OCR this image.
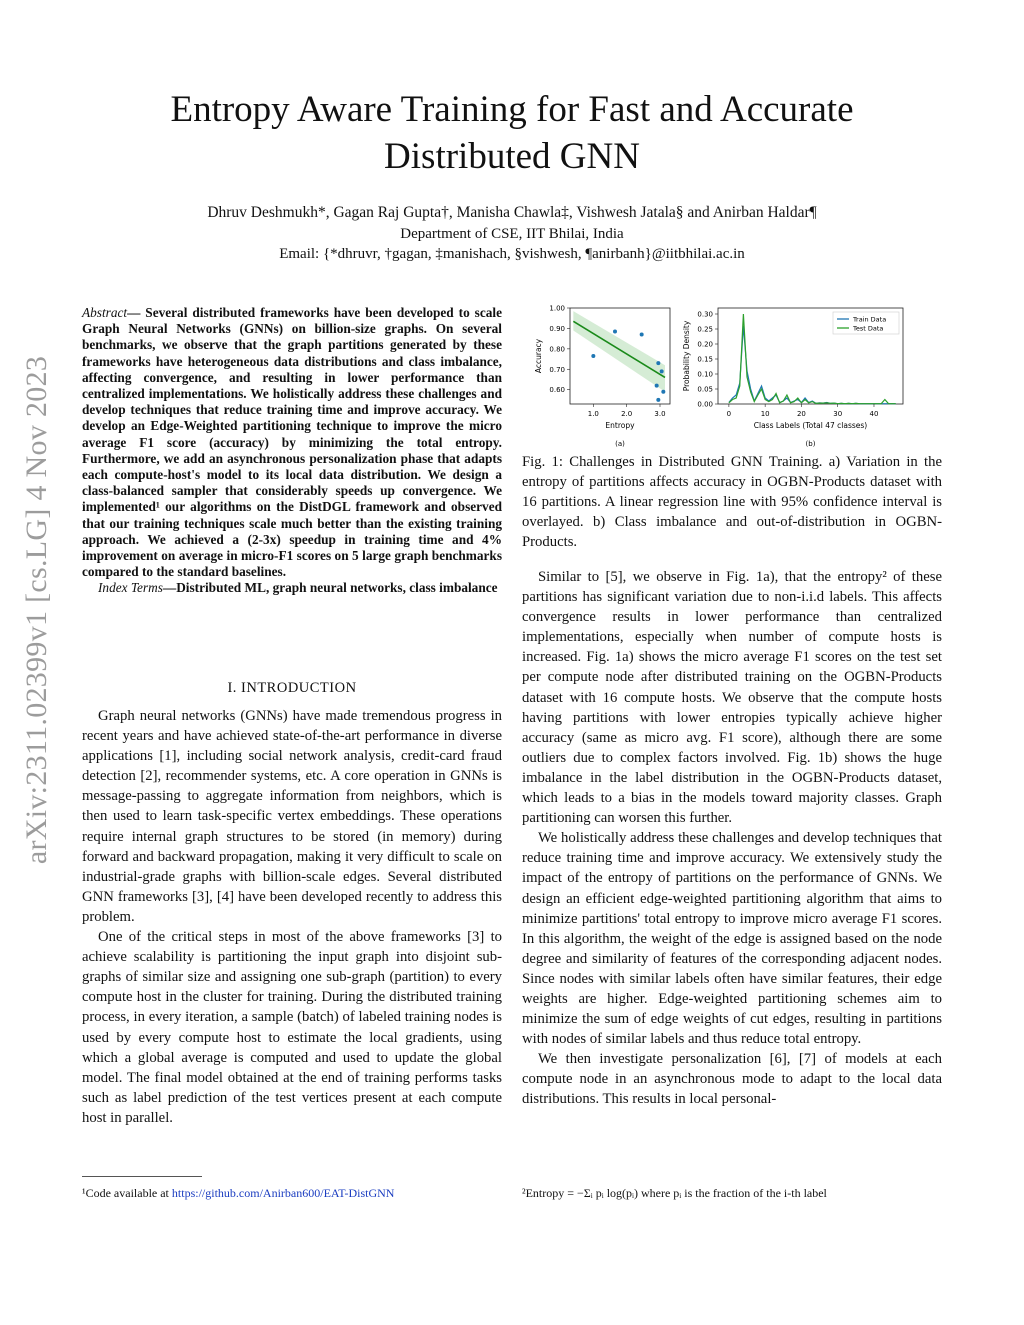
arXiv:2311.02399v1 [cs.LG] 4 Nov 2023
Entropy Aware Training for Fast and Accurate
Distributed GNN
Dhruv Deshmukh*, Gagan Raj Gupta†, Manisha Chawla‡, Vishwesh Jatala§ and Anirban Haldar¶
Department of CSE, IIT Bhilai, India
Email: {*dhruvr, †gagan, ‡manishach, §vishwesh, ¶anirbanh}@iitbhilai.ac.in

Abstract— Several distributed frameworks have been developed to scale Graph Neural Networks (GNNs) on billion-size graphs. On several benchmarks, we observe that the graph partitions generated by these frameworks have heterogeneous data distributions and class imbalance, affecting convergence, and resulting in lower performance than centralized implementations. We holistically address these challenges and develop techniques that reduce training time and improve accuracy. We develop an Edge-Weighted partitioning technique to improve the micro average F1 score (accuracy) by minimizing the total entropy. Furthermore, we add an asynchronous personalization phase that adapts each compute-host's model to its local data distribution. We design a class-balanced sampler that considerably speeds up convergence. We implemented¹ our algorithms on the DistDGL framework and observed that our training techniques scale much better than the existing training approach. We achieved a (2-3x) speedup in training time and 4% improvement on average in micro-F1 scores on 5 large graph benchmarks compared to the standard baselines.

Index Terms—Distributed ML, graph neural networks, class imbalance

I. INTRODUCTION

Graph neural networks (GNNs) have made tremendous progress in recent years and have achieved state-of-the-art performance in diverse applications [1], including social network analysis, credit-card fraud detection [2], recommender systems, etc. A core operation in GNNs is message-passing to aggregate information from neighbors, which is then used to learn task-specific vertex embeddings. These operations require internal graph structures to be stored (in memory) during forward and backward propagation, making it very difficult to scale on industrial-grade graphs with billion-scale edges. Several distributed GNN frameworks [3], [4] have been developed recently to address this problem.

One of the critical steps in most of the above frameworks [3] to achieve scalability is partitioning the input graph into disjoint sub-graphs of similar size and assigning one sub-graph (partition) to every compute host in the cluster for training. During the distributed training process, in every iteration, a sample (batch) of labeled training nodes is used by every compute host to estimate the local gradients, using which a global average is computed and used to update the global model. The final model obtained at the end of training performs tasks such as label prediction of the test vertices present at each compute host in parallel.

0.60
0.70
0.80
0.90
1.00
1.0	2.0	3.0
Entropy
Accuracy
(a)
0.00
0.05
0.10
0.15
0.20
0.25
0.30
0	10	20	30	40
Class Labels (Total 47 classes)
Probability Density
Train Data
Test Data
(b)
Fig. 1: Challenges in Distributed GNN Training. a) Variation in the entropy of partitions affects accuracy in OGBN-Products dataset with 16 partitions. A linear regression line with 95% confidence interval is overlayed. b) Class imbalance and out-of-distribution in OGBN-Products.

Similar to [5], we observe in Fig. 1a), that the entropy² of these partitions has significant variation due to non-i.i.d labels. This affects convergence results in lower performance than centralized implementations, especially when number of compute hosts is increased. Fig. 1a) shows the micro average F1 scores on the test set per compute node after distributed training on the OGBN-Products dataset with 16 compute hosts. We observe that the compute hosts having partitions with lower entropies typically achieve higher accuracy (same as micro avg. F1 score), although there are some outliers due to complex factors involved. Fig. 1b) shows the huge imbalance in the label distribution in the OGBN-Products dataset, which leads to a bias in the models toward majority classes. Graph partitioning can worsen this further.

We holistically address these challenges and develop techniques that reduce training time and improve accuracy. We extensively study the impact of the entropy of partitions on the performance of GNNs. We design an efficient edge-weighted partitioning algorithm that aims to minimize partitions' total entropy to improve micro average F1 scores. In this algorithm, the weight of the edge is assigned based on the node degree and similarity of features of the corresponding adjacent nodes. Since nodes with similar labels often have similar features, their edge weights are higher. Edge-weighted partitioning schemes aim to minimize the sum of edge weights of cut edges, resulting in partitions with nodes of similar labels and thus reduce total entropy.

We then investigate personalization [6], [7] of models at each compute node in an asynchronous mode to adapt to the local data distributions. This results in local personal-

¹Code available at https://github.com/Anirban600/EAT-DistGNN	²Entropy = −Σᵢ pᵢ log(pᵢ) where pᵢ is the fraction of the i-th label
